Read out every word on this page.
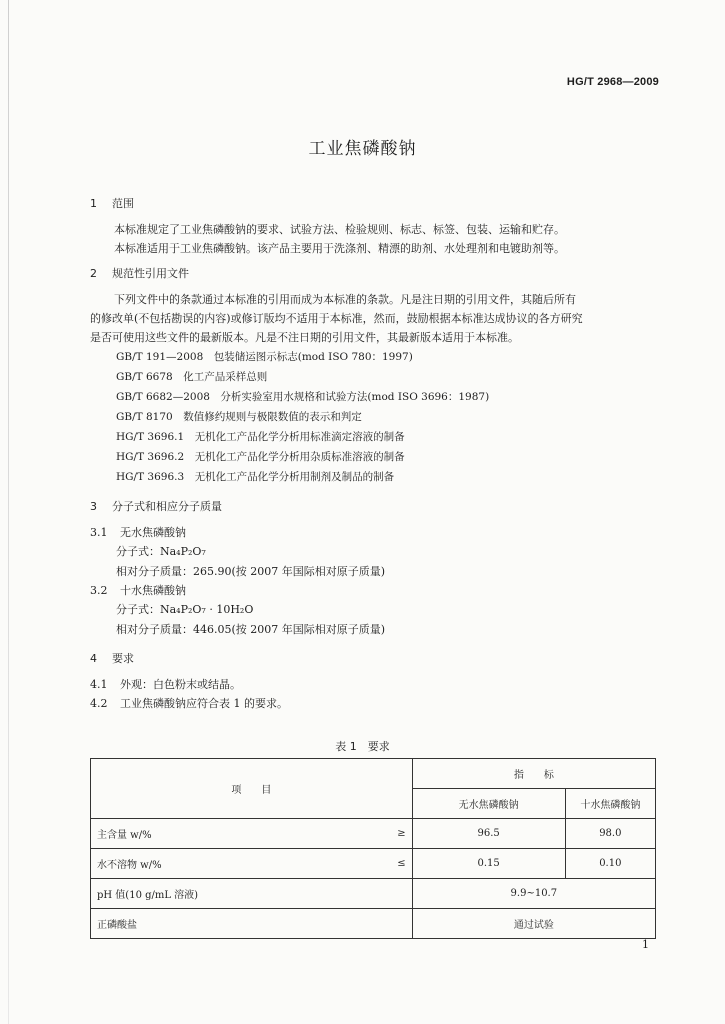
HG/T 2968—2009
工业焦磷酸钠
1 范围

本标准规定了工业焦磷酸钠的要求、试验方法、检验规则、标志、标签、包装、运输和贮存。

本标准适用于工业焦磷酸钠。该产品主要用于洗涤剂、精漂的助剂、水处理剂和电镀助剂等。

2 规范性引用文件

下列文件中的条款通过本标准的引用而成为本标准的条款。凡是注日期的引用文件，其随后所有

的修改单(不包括勘误的内容)或修订版均不适用于本标准，然而，鼓励根据本标准达成协议的各方研究

是否可使用这些文件的最新版本。凡是不注日期的引用文件，其最新版本适用于本标准。

GB/T 191—2008　包装储运图示标志(mod ISO 780：1997)
GB/T 6678　化工产品采样总则
GB/T 6682—2008　分析实验室用水规格和试验方法(mod ISO 3696：1987)
GB/T 8170　数值修约规则与极限数值的表示和判定
HG/T 3696.1　无机化工产品化学分析用标准滴定溶液的制备
HG/T 3696.2　无机化工产品化学分析用杂质标准溶液的制备
HG/T 3696.3　无机化工产品化学分析用制剂及制品的制备
3 分子式和相应分子质量

3.1 无水焦磷酸钠

分子式：Na₄P₂O₇
相对分子质量：265.90(按 2007 年国际相对原子质量)

3.2 十水焦磷酸钠

分子式：Na₄P₂O₇ · 10H₂O
相对分子质量：446.05(按 2007 年国际相对原子质量)
4 要求

4.1 外观：白色粉末或结晶。

4.2 工业焦磷酸钠应符合表 1 的要求。

表 1　要求
项　　目		指　　标	
		无水焦磷酸钠	十水焦磷酸钠
主含量 w/%	≥	96.5	98.0
水不溶物 w/%	≤	0.15	0.10
pH 值(10 g/mL 溶液)		9.9~10.7	
正磷酸盐		通过试验	
1
